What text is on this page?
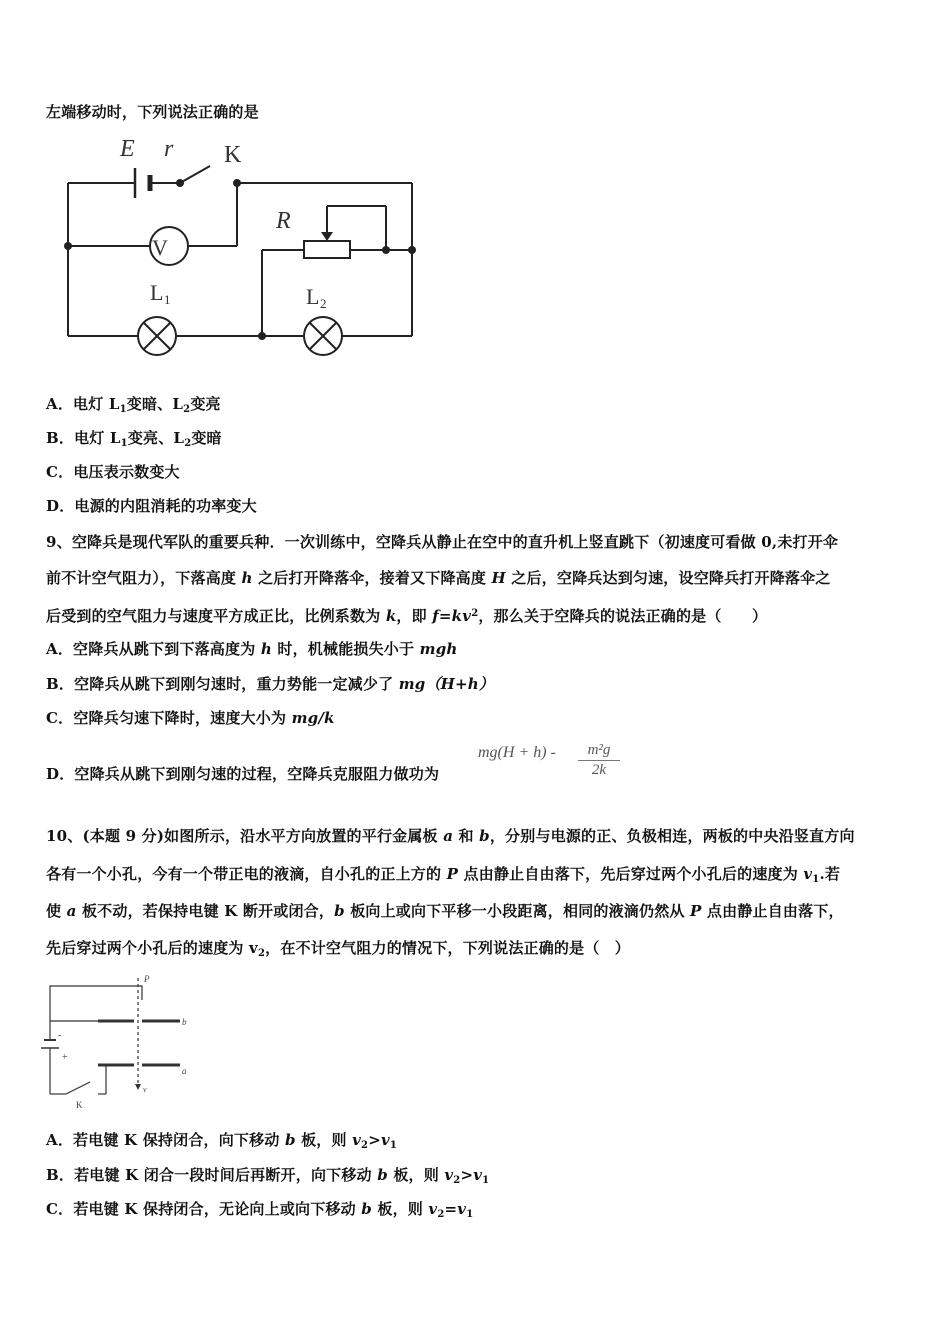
左端移动时，下列说法正确的是
E r K
R
V
L 1	L 2
A．电灯 $L_1$变暗、$L_2$变亮
B．电灯 $L_1$变亮、$L_2$变暗
C．电压表示数变大
D．电源的内阻消耗的功率变大
9、空降兵是现代军队的重要兵种．一次训练中，空降兵从静止在空中的直升机上竖直跳下（初速度可看做 0,未打开伞
前不计空气阻力），下落高度 h 之后打开降落伞，接着又下降高度 H 之后，空降兵达到匀速，设空降兵打开降落伞之
后受到的空气阻力与速度平方成正比，比例系数为 k，即 $f=kv^2$，那么关于空降兵的说法正确的是（　　）
A．空降兵从跳下到下落高度为 h 时，机械能损失小于 mgh
B．空降兵从跳下到刚匀速时，重力势能一定减少了 mg（H+h）
C．空降兵匀速下降时，速度大小为 mg/k
D．空降兵从跳下到刚匀速的过程，空降兵克服阻力做功为
$mg(H + h) - \frac{\text{m²g}}{2k}$
10、(本题 9 分)如图所示，沿水平方向放置的平行金属板 a 和 b，分别与电源的正、负极相连，两板的中央沿竖直方向
各有一个小孔，今有一个带正电的液滴，自小孔的正上方的 P 点由静止自由落下，先后穿过两个小孔后的速度为 $v_1$.若
使 a 板不动，若保持电键 K 断开或闭合，b 板向上或向下平移一小段距离，相同的液滴仍然从 P 点由静止自由落下，
先后穿过两个小孔后的速度为 $v_2$，在不计空气阻力的情况下，下列说法正确的是（　）
P
b
a
-
+
K
v
A．若电键 K 保持闭合，向下移动 b 板，则 $v_2>v_1$
B．若电键 K 闭合一段时间后再断开，向下移动 b 板，则 $v_2>v_1$
C．若电键 K 保持闭合，无论向上或向下移动 b 板，则 $v_2=v_1$
